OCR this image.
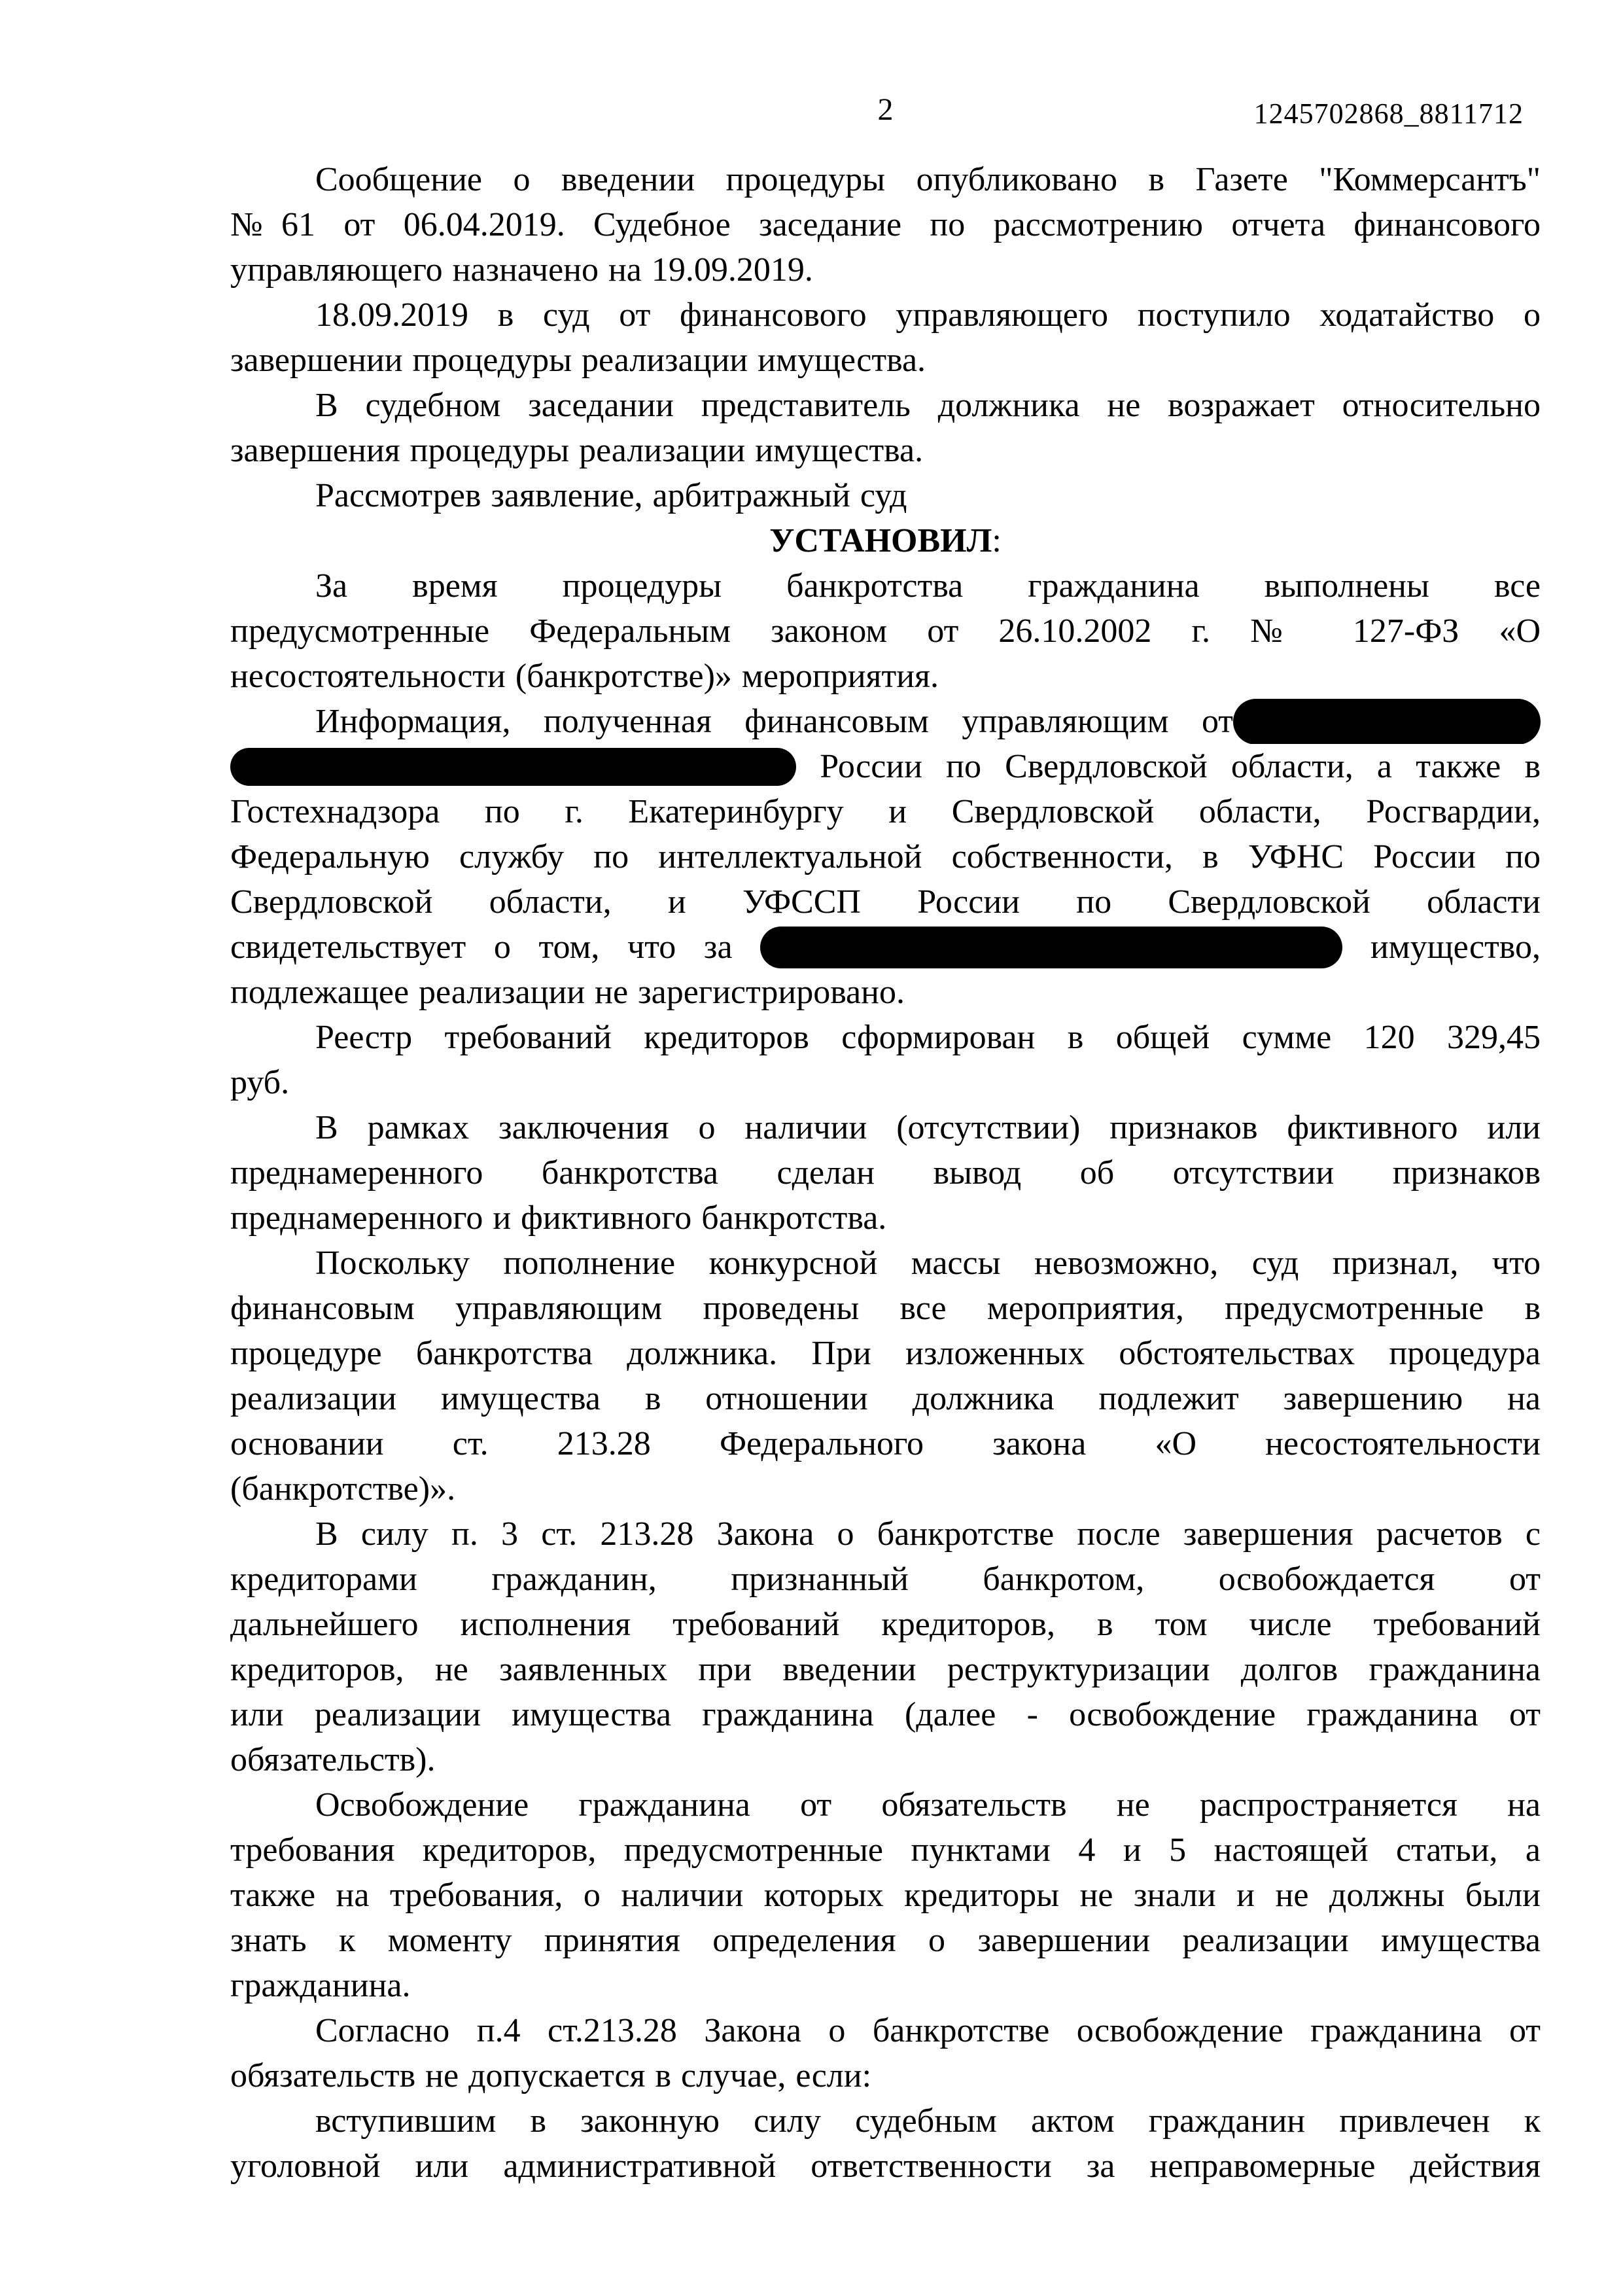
2	1245702868_8811712
Сообщение о введении процедуры опубликовано в Газете "Коммерсантъ"
№61 от 06.04.2019. Судебное заседание по рассмотрению отчета финансового
управляющего назначено на 19.09.2019.
18.09.2019 в суд от финансового управляющего поступило ходатайство о
завершении процедуры реализации имущества.
В судебном заседании представитель должника не возражает относительно
завершения процедуры реализации имущества.
Рассмотрев заявление, арбитражный суд
УСТАНОВИЛ:
За время процедуры банкротства гражданина выполнены все
предусмотренные Федеральным законом от 26.10.2002 г. № 127-ФЗ «О
несостоятельности (банкротстве)» мероприятия.
Информация, полученная финансовым управляющим от
России по Свердловской области, а также в
Гостехнадзора по г. Екатеринбургу и Свердловской области, Росгвардии,
Федеральную службу по интеллектуальной собственности, в УФНС России по
Свердловской области, и УФССП России по Свердловской области
свидетельствует о том, что за	имущество,
подлежащее реализации не зарегистрировано.
Реестр требований кредиторов сформирован в общей сумме 120 329,45
руб.
В рамках заключения о наличии (отсутствии) признаков фиктивного или
преднамеренного банкротства сделан вывод об отсутствии признаков
преднамеренного и фиктивного банкротства.
Поскольку пополнение конкурсной массы невозможно, суд признал, что
финансовым управляющим проведены все мероприятия, предусмотренные в
процедуре банкротства должника. При изложенных обстоятельствах процедура
реализации имущества в отношении должника подлежит завершению на
основании ст. 213.28 Федерального закона «О несостоятельности
(банкротстве)».
В силу п. 3 ст. 213.28 Закона о банкротстве после завершения расчетов с
кредиторами гражданин, признанный банкротом, освобождается от
дальнейшего исполнения требований кредиторов, в том числе требований
кредиторов, не заявленных при введении реструктуризации долгов гражданина
или реализации имущества гражданина (далее - освобождение гражданина от
обязательств).
Освобождение гражданина от обязательств не распространяется на
требования кредиторов, предусмотренные пунктами 4 и 5 настоящей статьи, а
также на требования, о наличии которых кредиторы не знали и не должны были
знать к моменту принятия определения о завершении реализации имущества
гражданина.
Согласно п.4 ст.213.28 Закона о банкротстве освобождение гражданина от
обязательств не допускается в случае, если:
вступившим в законную силу судебным актом гражданин привлечен к
уголовной или административной ответственности за неправомерные действия
